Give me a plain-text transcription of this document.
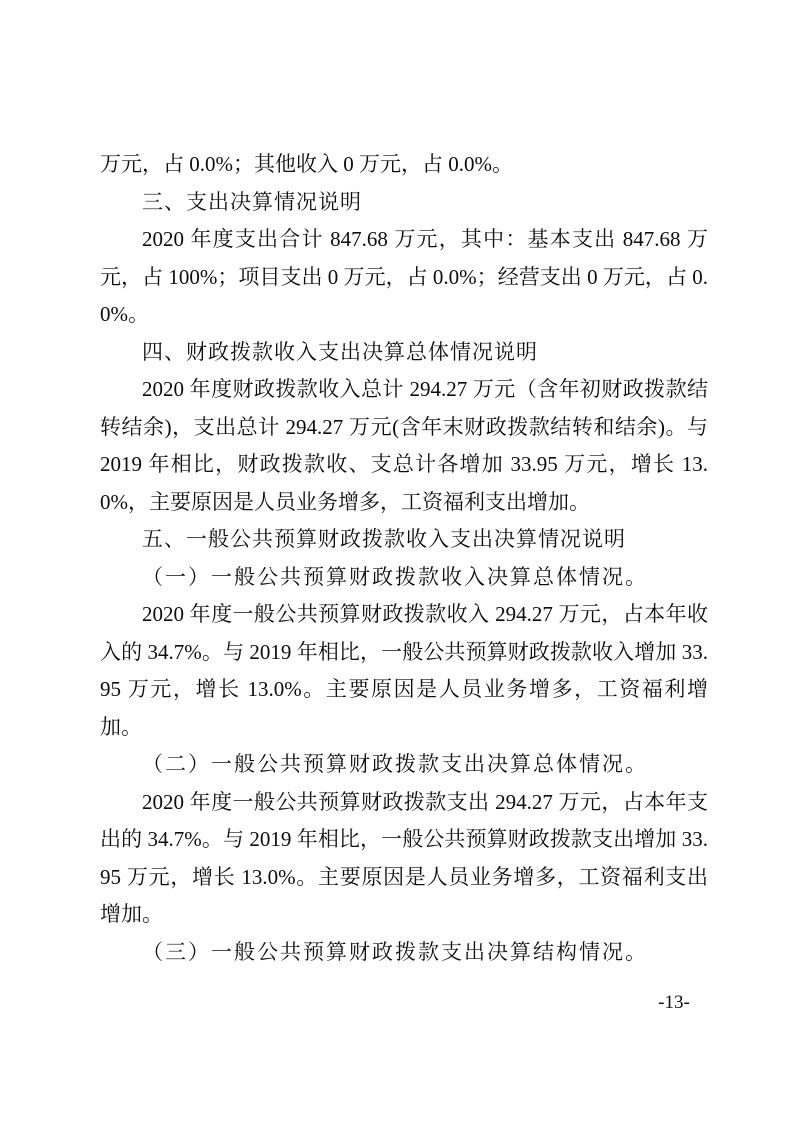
万元，占 0.0%；其他收入 0 万元，占 0.0%。

三、支出决算情况说明

2020 年度支出合计 847.68 万元，其中：基本支出 847.68 万元，占 100%；项目支出 0 万元，占 0.0%；经营支出 0 万元，占 0.0%。

四、财政拨款收入支出决算总体情况说明

2020 年度财政拨款收入总计 294.27 万元（含年初财政拨款结转结余)，支出总计 294.27 万元(含年末财政拨款结转和结余)。与 2019 年相比，财政拨款收、支总计各增加 33.95 万元，增长 13.0%，主要原因是人员业务增多，工资福利支出增加。

五、一般公共预算财政拨款收入支出决算情况说明
（一）一般公共预算财政拨款收入决算总体情况。

2020 年度一般公共预算财政拨款收入 294.27 万元，占本年收入的 34.7%。与 2019 年相比，一般公共预算财政拨款收入增加 33.95 万元，增长 13.0%。主要原因是人员业务增多，工资福利增加。

（二）一般公共预算财政拨款支出决算总体情况。

2020 年度一般公共预算财政拨款支出 294.27 万元，占本年支出的 34.7%。与 2019 年相比，一般公共预算财政拨款支出增加 33.95 万元，增长 13.0%。主要原因是人员业务增多，工资福利支出增加。

（三）一般公共预算财政拨款支出决算结构情况。
-13-
